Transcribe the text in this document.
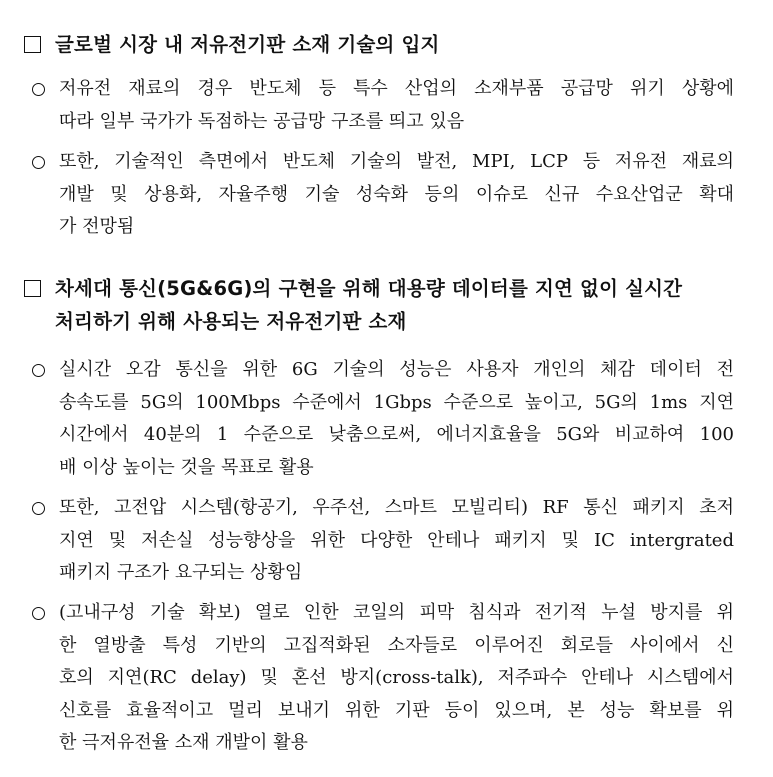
글로벌 시장 내 저유전기판 소재 기술의 입지
저유전 재료의 경우 반도체 등 특수 산업의 소재부품 공급망 위기 상황에
따라 일부 국가가 독점하는 공급망 구조를 띄고 있음
또한, 기술적인 측면에서 반도체 기술의 발전, MPI, LCP 등 저유전 재료의
개발 및 상용화, 자율주행 기술 성숙화 등의 이슈로 신규 수요산업군 확대
가 전망됨
차세대 통신(5G&6G)의 구현을 위해 대용량 데이터를 지연 없이 실시간
처리하기 위해 사용되는 저유전기판 소재
실시간 오감 통신을 위한 6G 기술의 성능은 사용자 개인의 체감 데이터 전
송속도를 5G의 100Mbps 수준에서 1Gbps 수준으로 높이고, 5G의 1ms 지연
시간에서 40분의 1 수준으로 낮춤으로써, 에너지효율을 5G와 비교하여 100
배 이상 높이는 것을 목표로 활용
또한, 고전압 시스템(항공기, 우주선, 스마트 모빌리티) RF 통신 패키지 초저
지연 및 저손실 성능향상을 위한 다양한 안테나 패키지 및 IC intergrated
패키지 구조가 요구되는 상황임
(고내구성 기술 확보) 열로 인한 코일의 피막 침식과 전기적 누설 방지를 위
한 열방출 특성 기반의 고집적화된 소자들로 이루어진 회로들 사이에서 신
호의 지연(RC delay) 및 혼선 방지(cross-talk), 저주파수 안테나 시스템에서
신호를 효율적이고 멀리 보내기 위한 기판 등이 있으며, 본 성능 확보를 위
한 극저유전율 소재 개발이 활용
